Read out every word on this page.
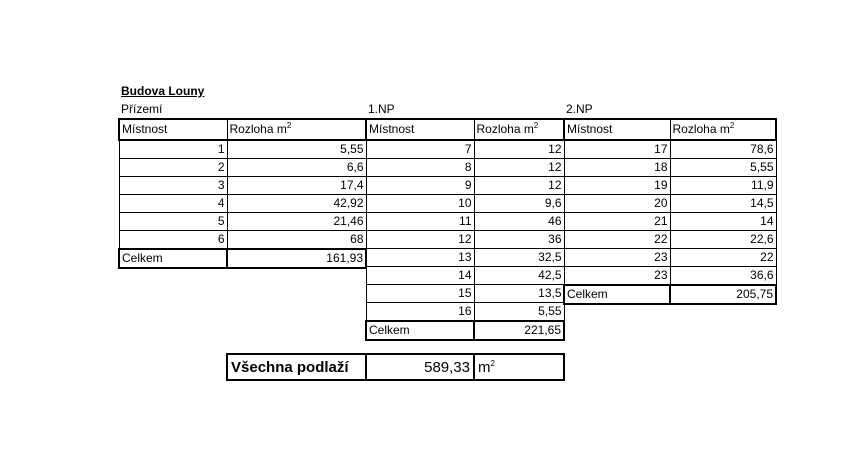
Budova Louny
Přízemí	1.NP	2.NP
Místnost	Rozloha $m^2$
1	5,55
2	6,6
3	17,4
4	42,92
5	21,46
6	68
Celkem	161,93
Místnost	Rozloha $m^2$
7	12
8	12
9	12
10	9,6
11	46
12	36
13	32,5
14	42,5
15	13,5
16	5,55
Celkem	221,65
Místnost	Rozloha $m^2$
17	78,6
18	5,55
19	11,9
20	14,5
21	14
22	22,6
23	22
23	36,6
Celkem	205,75
Všechna podlaží	589,33	$m^2$
